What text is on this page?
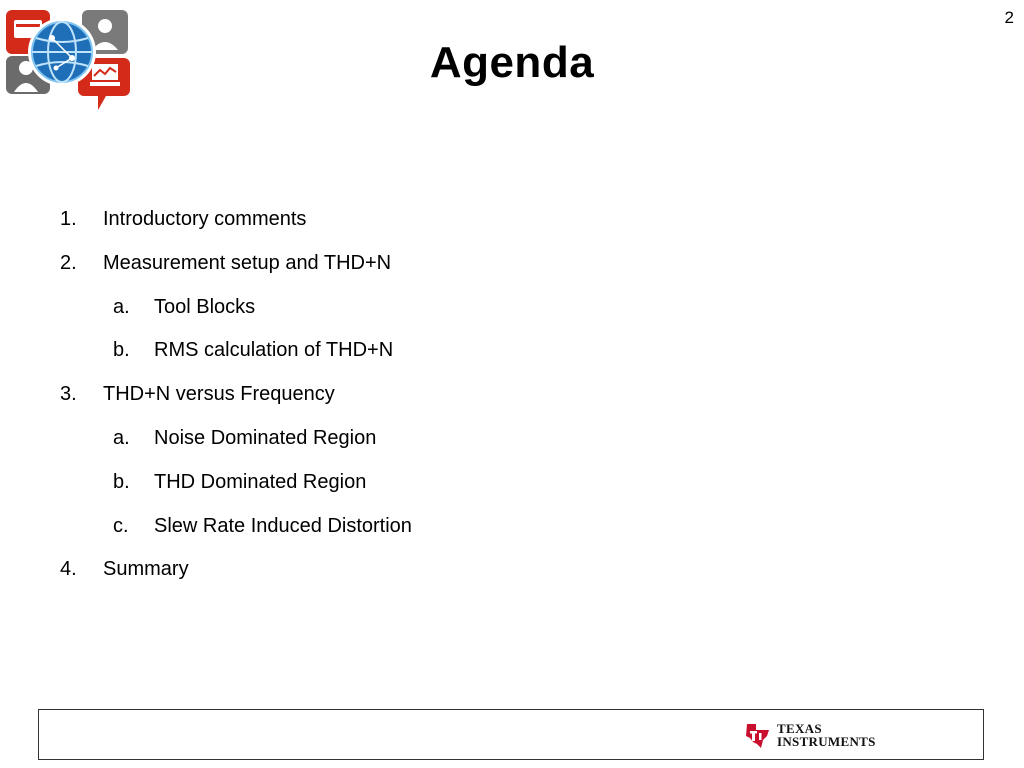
2
Agenda
1. Introductory comments
2. Measurement setup and THD+N
a. Tool Blocks
b. RMS calculation of THD+N
3. THD+N versus Frequency
a. Noise Dominated Region
b. THD Dominated Region
c. Slew Rate Induced Distortion
4. Summary
TEXAS
INSTRUMENTS
